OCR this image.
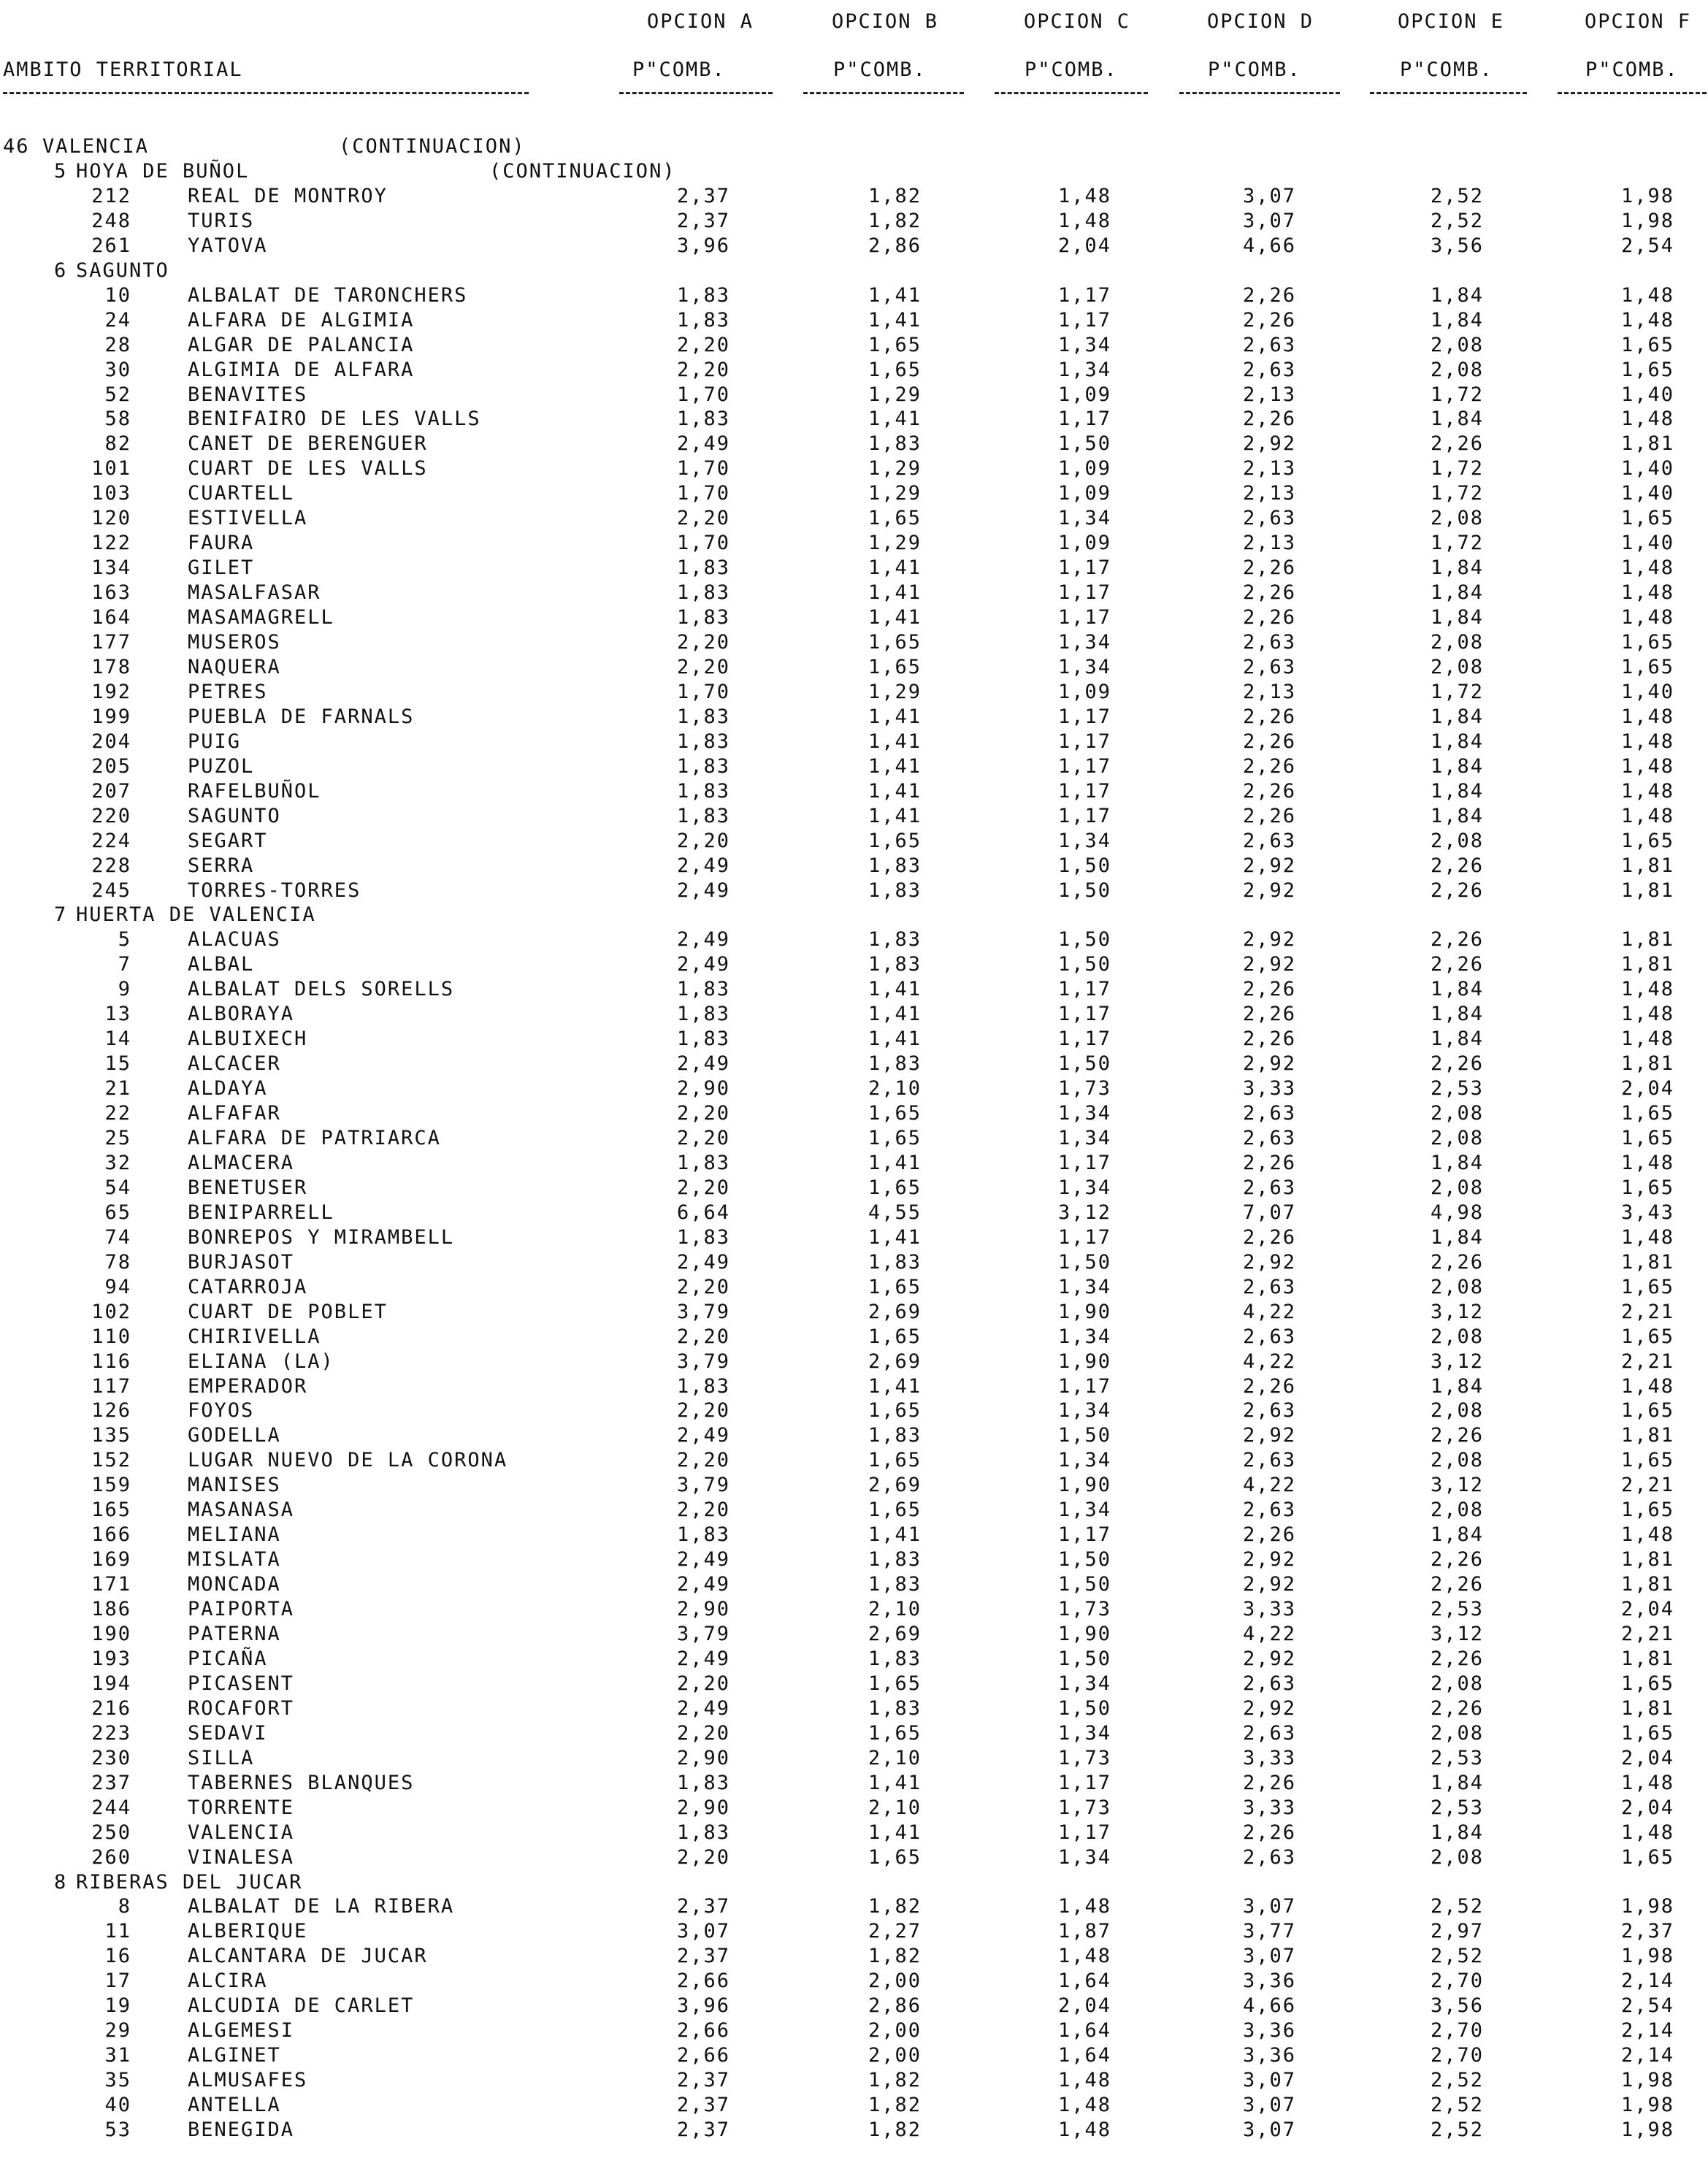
OPCION A	OPCION B	OPCION C	OPCION D	OPCION E	OPCION F
AMBITO TERRITORIAL	P"COMB.	P"COMB.	P"COMB.	P"COMB.	P"COMB.	P"COMB.
46 VALENCIA	(CONTINUACION)
5 HOYA DE BUÑOL	(CONTINUACION)
212	REAL DE MONTROY	2,37	1,82	1,48	3,07	2,52	1,98
248	TURIS	2,37	1,82	1,48	3,07	2,52	1,98
261	YATOVA	3,96	2,86	2,04	4,66	3,56	2,54
6 SAGUNTO
10	ALBALAT DE TARONCHERS	1,83	1,41	1,17	2,26	1,84	1,48
24	ALFARA DE ALGIMIA	1,83	1,41	1,17	2,26	1,84	1,48
28	ALGAR DE PALANCIA	2,20	1,65	1,34	2,63	2,08	1,65
30	ALGIMIA DE ALFARA	2,20	1,65	1,34	2,63	2,08	1,65
52	BENAVITES	1,70	1,29	1,09	2,13	1,72	1,40
58	BENIFAIRO DE LES VALLS	1,83	1,41	1,17	2,26	1,84	1,48
82	CANET DE BERENGUER	2,49	1,83	1,50	2,92	2,26	1,81
101	CUART DE LES VALLS	1,70	1,29	1,09	2,13	1,72	1,40
103	CUARTELL	1,70	1,29	1,09	2,13	1,72	1,40
120	ESTIVELLA	2,20	1,65	1,34	2,63	2,08	1,65
122	FAURA	1,70	1,29	1,09	2,13	1,72	1,40
134	GILET	1,83	1,41	1,17	2,26	1,84	1,48
163	MASALFASAR	1,83	1,41	1,17	2,26	1,84	1,48
164	MASAMAGRELL	1,83	1,41	1,17	2,26	1,84	1,48
177	MUSEROS	2,20	1,65	1,34	2,63	2,08	1,65
178	NAQUERA	2,20	1,65	1,34	2,63	2,08	1,65
192	PETRES	1,70	1,29	1,09	2,13	1,72	1,40
199	PUEBLA DE FARNALS	1,83	1,41	1,17	2,26	1,84	1,48
204	PUIG	1,83	1,41	1,17	2,26	1,84	1,48
205	PUZOL	1,83	1,41	1,17	2,26	1,84	1,48
207	RAFELBUÑOL	1,83	1,41	1,17	2,26	1,84	1,48
220	SAGUNTO	1,83	1,41	1,17	2,26	1,84	1,48
224	SEGART	2,20	1,65	1,34	2,63	2,08	1,65
228	SERRA	2,49	1,83	1,50	2,92	2,26	1,81
245	TORRES-TORRES	2,49	1,83	1,50	2,92	2,26	1,81
7 HUERTA DE VALENCIA
5	ALACUAS	2,49	1,83	1,50	2,92	2,26	1,81
7	ALBAL	2,49	1,83	1,50	2,92	2,26	1,81
9	ALBALAT DELS SORELLS	1,83	1,41	1,17	2,26	1,84	1,48
13	ALBORAYA	1,83	1,41	1,17	2,26	1,84	1,48
14	ALBUIXECH	1,83	1,41	1,17	2,26	1,84	1,48
15	ALCACER	2,49	1,83	1,50	2,92	2,26	1,81
21	ALDAYA	2,90	2,10	1,73	3,33	2,53	2,04
22	ALFAFAR	2,20	1,65	1,34	2,63	2,08	1,65
25	ALFARA DE PATRIARCA	2,20	1,65	1,34	2,63	2,08	1,65
32	ALMACERA	1,83	1,41	1,17	2,26	1,84	1,48
54	BENETUSER	2,20	1,65	1,34	2,63	2,08	1,65
65	BENIPARRELL	6,64	4,55	3,12	7,07	4,98	3,43
74	BONREPOS Y MIRAMBELL	1,83	1,41	1,17	2,26	1,84	1,48
78	BURJASOT	2,49	1,83	1,50	2,92	2,26	1,81
94	CATARROJA	2,20	1,65	1,34	2,63	2,08	1,65
102	CUART DE POBLET	3,79	2,69	1,90	4,22	3,12	2,21
110	CHIRIVELLA	2,20	1,65	1,34	2,63	2,08	1,65
116	ELIANA (LA)	3,79	2,69	1,90	4,22	3,12	2,21
117	EMPERADOR	1,83	1,41	1,17	2,26	1,84	1,48
126	FOYOS	2,20	1,65	1,34	2,63	2,08	1,65
135	GODELLA	2,49	1,83	1,50	2,92	2,26	1,81
152	LUGAR NUEVO DE LA CORONA	2,20	1,65	1,34	2,63	2,08	1,65
159	MANISES	3,79	2,69	1,90	4,22	3,12	2,21
165	MASANASA	2,20	1,65	1,34	2,63	2,08	1,65
166	MELIANA	1,83	1,41	1,17	2,26	1,84	1,48
169	MISLATA	2,49	1,83	1,50	2,92	2,26	1,81
171	MONCADA	2,49	1,83	1,50	2,92	2,26	1,81
186	PAIPORTA	2,90	2,10	1,73	3,33	2,53	2,04
190	PATERNA	3,79	2,69	1,90	4,22	3,12	2,21
193	PICAÑA	2,49	1,83	1,50	2,92	2,26	1,81
194	PICASENT	2,20	1,65	1,34	2,63	2,08	1,65
216	ROCAFORT	2,49	1,83	1,50	2,92	2,26	1,81
223	SEDAVI	2,20	1,65	1,34	2,63	2,08	1,65
230	SILLA	2,90	2,10	1,73	3,33	2,53	2,04
237	TABERNES BLANQUES	1,83	1,41	1,17	2,26	1,84	1,48
244	TORRENTE	2,90	2,10	1,73	3,33	2,53	2,04
250	VALENCIA	1,83	1,41	1,17	2,26	1,84	1,48
260	VINALESA	2,20	1,65	1,34	2,63	2,08	1,65
8 RIBERAS DEL JUCAR
8	ALBALAT DE LA RIBERA	2,37	1,82	1,48	3,07	2,52	1,98
11	ALBERIQUE	3,07	2,27	1,87	3,77	2,97	2,37
16	ALCANTARA DE JUCAR	2,37	1,82	1,48	3,07	2,52	1,98
17	ALCIRA	2,66	2,00	1,64	3,36	2,70	2,14
19	ALCUDIA DE CARLET	3,96	2,86	2,04	4,66	3,56	2,54
29	ALGEMESI	2,66	2,00	1,64	3,36	2,70	2,14
31	ALGINET	2,66	2,00	1,64	3,36	2,70	2,14
35	ALMUSAFES	2,37	1,82	1,48	3,07	2,52	1,98
40	ANTELLA	2,37	1,82	1,48	3,07	2,52	1,98
53	BENEGIDA	2,37	1,82	1,48	3,07	2,52	1,98
